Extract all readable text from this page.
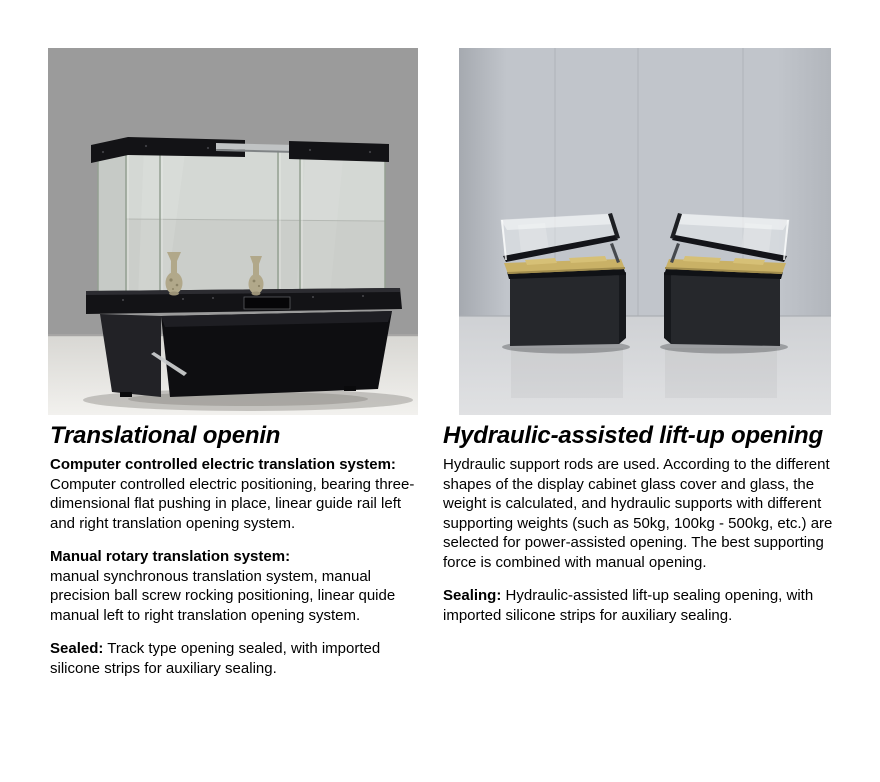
Translational openin

Computer controlled electric translation system:
Computer controlled electric positioning, bearing three-dimensional flat pushing in place, linear guide rail left and right translation opening system.

Manual rotary translation system:
manual synchronous translation system, manual precision ball screw rocking positioning, linear quide manual left to right translation opening system.

Sealed: Track type opening sealed, with imported silicone strips for auxiliary sealing.

Hydraulic-assisted lift-up opening

Hydraulic support rods are used. According to the different shapes of the display cabinet glass cover and glass, the weight is calculated, and hydraulic supports with different supporting weights (such as 50kg, 100kg - 500kg, etc.) are selected for power-assisted opening. The best supporting force is combined with manual opening.

Sealing: Hydraulic-assisted lift-up sealing opening, with imported silicone strips for auxiliary sealing.
